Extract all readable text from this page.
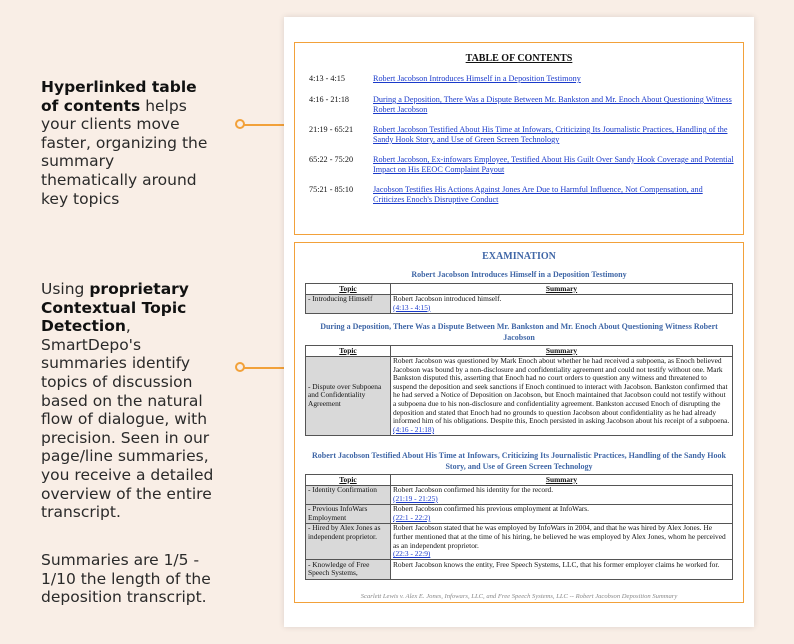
Hyperlinked table of contents helps your clients move faster, organizing the summary thematically around key topics
Using proprietary Contextual Topic Detection, SmartDepo's summaries identify topics of discussion based on the natural flow of dialogue, with precision. Seen in our page/line summaries, you receive a detailed overview of the entire transcript.
Summaries are 1/5 - 1/10 the length of the deposition transcript.
TABLE OF CONTENTS
4:13 - 4:15	Robert Jacobson Introduces Himself in a Deposition Testimony
4:16 - 21:18	During a Deposition, There Was a Dispute Between Mr. Bankston and Mr. Enoch About Questioning Witness Robert Jacobson
21:19 - 65:21	Robert Jacobson Testified About His Time at Infowars, Criticizing Its Journalistic Practices, Handling of the Sandy Hook Story, and Use of Green Screen Technology
65:22 - 75:20	Robert Jacobson, Ex-infowars Employee, Testified About His Guilt Over Sandy Hook Coverage and Potential Impact on His EEOC Complaint Payout
75:21 - 85:10	Jacobson Testifies His Actions Against Jones Are Due to Harmful Influence, Not Compensation, and Criticizes Enoch's Disruptive Conduct
EXAMINATION
Robert Jacobson Introduces Himself in a Deposition Testimony
Topic	Summary
- Introducing Himself	Robert Jacobson introduced himself.
(4:13 - 4:15)
During a Deposition, There Was a Dispute Between Mr. Bankston and Mr. Enoch About Questioning Witness Robert Jacobson
Topic	Summary
- Dispute over Subpoena and Confidentiality Agreement	Robert Jacobson was questioned by Mark Enoch about whether he had received a subpoena, as Enoch believed Jacobson was bound by a non-disclosure and confidentiality agreement and could not testify without one. Mark Bankston disputed this, asserting that Enoch had no court orders to question any witness and threatened to suspend the deposition and seek sanctions if Enoch continued to interact with Jacobson. Bankston confirmed that he had served a Notice of Deposition on Jacobson, but Enoch maintained that Jacobson could not testify without a subpoena due to his non-disclosure and confidentiality agreement. Bankston accused Enoch of disrupting the deposition and stated that Enoch had no grounds to question Jacobson about confidentiality as he had already informed him of his obligations. Despite this, Enoch persisted in asking Jacobson about his receipt of a subpoena.
(4:16 - 21:18)
Robert Jacobson Testified About His Time at Infowars, Criticizing Its Journalistic Practices, Handling of the Sandy Hook Story, and Use of Green Screen Technology
Topic	Summary
- Identity Confirmation	Robert Jacobson confirmed his identity for the record.
(21:19 - 21:25)
- Previous InfoWars Employment	Robert Jacobson confirmed his previous employment at InfoWars.
(22:1 - 22:2)
- Hired by Alex Jones as independent proprietor.	Robert Jacobson stated that he was employed by InfoWars in 2004, and that he was hired by Alex Jones. He further mentioned that at the time of his hiring, he believed he was employed by Alex Jones, whom he perceived as an independent proprietor.
(22:3 - 22:9)
- Knowledge of Free Speech Systems,	Robert Jacobson knows the entity, Free Speech Systems, LLC, that his former employer claims he worked for.
Scarlett Lewis v. Alex E. Jones, Infowars, LLC, and Free Speech Systems, LLC -- Robert Jacobson Deposition Summary
